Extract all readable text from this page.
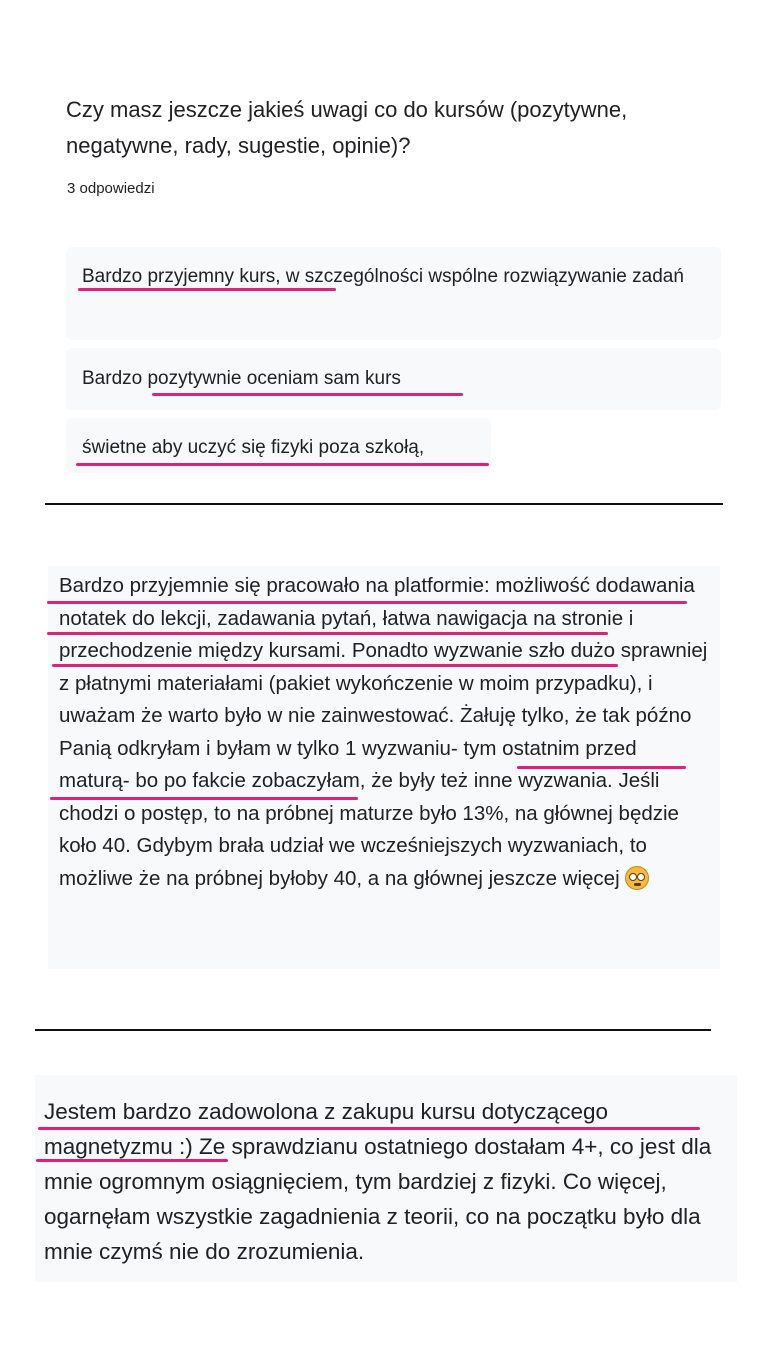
Czy masz jeszcze jakieś uwagi co do kursów (pozytywne, negatywne, rady, sugestie, opinie)?
3 odpowiedzi
Bardzo przyjemny kurs, w szczególności wspólne rozwiązywanie zadań
Bardzo pozytywnie oceniam sam kurs
świetne aby uczyć się fizyki poza szkołą,
Bardzo przyjemnie się pracowało na platformie: możliwość dodawania notatek do lekcji, zadawania pytań, łatwa nawigacja na stronie i przechodzenie między kursami. Ponadto wyzwanie szło dużo sprawniej z płatnymi materiałami (pakiet wykończenie w moim przypadku), i uważam że warto było w nie zainwestować. Żałuję tylko, że tak późno Panią odkryłam i byłam w tylko 1 wyzwaniu- tym ostatnim przed maturą- bo po fakcie zobaczyłam, że były też inne wyzwania. Jeśli chodzi o postęp, to na próbnej maturze było 13%, na głównej będzie koło 40. Gdybym brała udział we wcześniejszych wyzwaniach, to możliwe że na próbnej byłoby 40, a na głównej jeszcze więcej
Jestem bardzo zadowolona z zakupu kursu dotyczącego magnetyzmu :) Ze sprawdzianu ostatniego dostałam 4+, co jest dla mnie ogromnym osiągnięciem, tym bardziej z fizyki. Co więcej, ogarnęłam wszystkie zagadnienia z teorii, co na początku było dla mnie czymś nie do zrozumienia.
